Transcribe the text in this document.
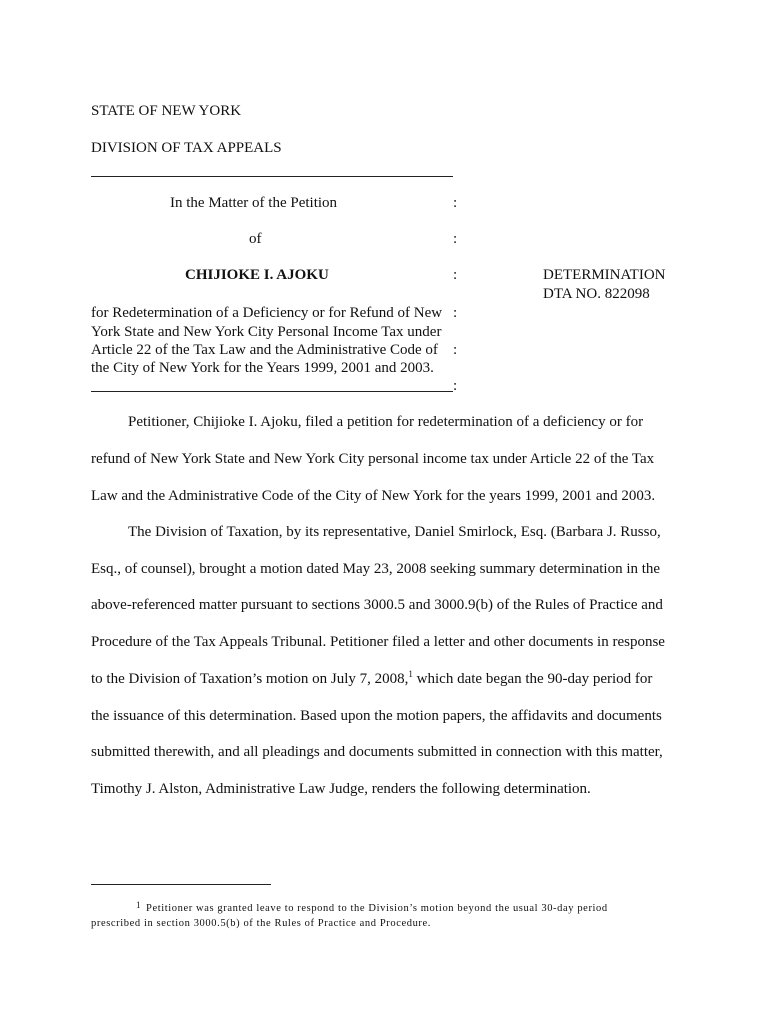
STATE OF NEW YORK
DIVISION OF TAX APPEALS
In the Matter of the Petition	:
of	:
CHIJIOKE I. AJOKU	:	DETERMINATION
DTA NO. 822098
for Redetermination of a Deficiency or for Refund of New :
York State and New York City Personal Income Tax under
Article 22 of the Tax Law and the Administrative Code of :
the City of New York for the Years 1999, 2001 and 2003.
:
Petitioner, Chijioke I. Ajoku, filed a petition for redetermination of a deficiency or for
refund of New York State and New York City personal income tax under Article 22 of the Tax
Law and the Administrative Code of the City of New York for the years 1999, 2001 and 2003.
The Division of Taxation, by its representative, Daniel Smirlock, Esq. (Barbara J. Russo,
Esq., of counsel), brought a motion dated May 23, 2008 seeking summary determination in the
above-referenced matter pursuant to sections 3000.5 and 3000.9(b) of the Rules of Practice and
Procedure of the Tax Appeals Tribunal. Petitioner filed a letter and other documents in response
to the Division of Taxation’s motion on July 7, 2008,$^1$ which date began the 90-day period for
the issuance of this determination. Based upon the motion papers, the affidavits and documents
submitted therewith, and all pleadings and documents submitted in connection with this matter,
Timothy J. Alston, Administrative Law Judge, renders the following determination.
1 Petitioner was granted leave to respond to the Division’s motion beyond the usual 30-day period
prescribed in section 3000.5(b) of the Rules of Practice and Procedure.
